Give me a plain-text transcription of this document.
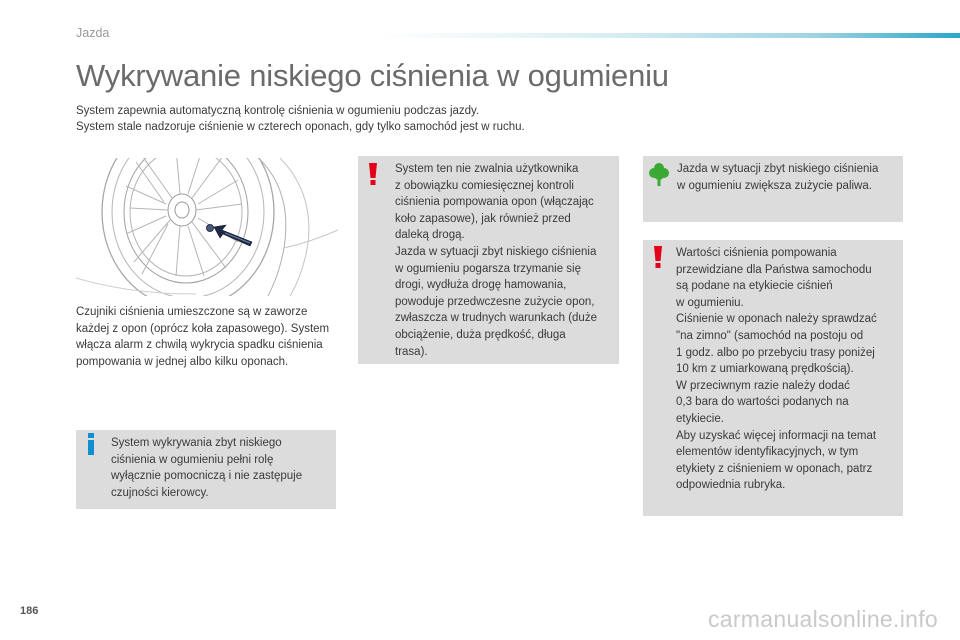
Jazda
Wykrywanie niskiego ciśnienia w ogumieniu
System zapewnia automatyczną kontrolę ciśnienia w ogumieniu podczas jazdy.
System stale nadzoruje ciśnienie w czterech oponach, gdy tylko samochód jest w ruchu.
Czujniki ciśnienia umieszczone są w zaworze każdej z opon (oprócz koła zapasowego). System włącza alarm z chwilą wykrycia spadku ciśnienia pompowania w jednej albo kilku oponach.
System wykrywania zbyt niskiego ciśnienia w ogumieniu pełni rolę wyłącznie pomocniczą i nie zastępuje czujności kierowcy.
System ten nie zwalnia użytkownika
z obowiązku comiesięcznej kontroli
ciśnienia pompowania opon (włączając
koło zapasowe), jak również przed
daleką drogą.
Jazda w sytuacji zbyt niskiego ciśnienia
w ogumieniu pogarsza trzymanie się
drogi, wydłuża drogę hamowania,
powoduje przedwczesne zużycie opon,
zwłaszcza w trudnych warunkach (duże
obciążenie, duża prędkość, długa
trasa).
Jazda w sytuacji zbyt niskiego ciśnienia
w ogumieniu zwiększa zużycie paliwa.
Wartości ciśnienia pompowania
przewidziane dla Państwa samochodu
są podane na etykiecie ciśnień
w ogumieniu.
Ciśnienie w oponach należy sprawdzać
"na zimno" (samochód na postoju od
1 godz. albo po przebyciu trasy poniżej
10 km z umiarkowaną prędkością).
W przeciwnym razie należy dodać
0,3 bara do wartości podanych na
etykiecie.
Aby uzyskać więcej informacji na temat
elementów identyfikacyjnych, w tym
etykiety z ciśnieniem w oponach, patrz
odpowiednia rubryka.
186	carmanualsonline.info
